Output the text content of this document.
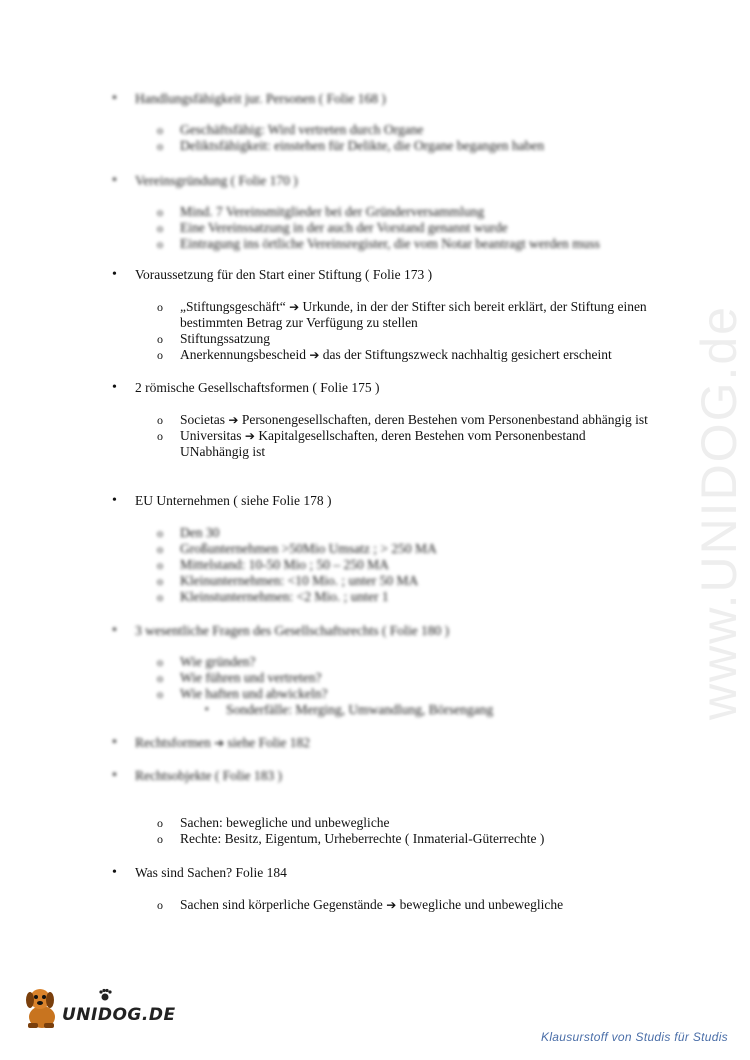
www.UNIDOG.de
• Handlungsfähigkeit jur. Personen ( Folie 168 )
o Geschäftsfähig: Wird vertreten durch Organe
o Deliktsfähigkeit: einstehen für Delikte, die Organe begangen haben
• Vereinsgründung ( Folie 170 )
o Mind. 7 Vereinsmitglieder bei der Gründerversammlung
o Eine Vereinssatzung in der auch der Vorstand genannt wurde
o Eintragung ins örtliche Vereinsregister, die vom Notar beantragt werden muss
• Voraussetzung für den Start einer Stiftung ( Folie 173 )
o „Stiftungsgeschäft“ ➔ Urkunde, in der der Stifter sich bereit erklärt, der Stiftung einen bestimmten Betrag zur Verfügung zu stellen
o Stiftungssatzung
o Anerkennungsbescheid ➔ das der Stiftungszweck nachhaltig gesichert erscheint
• 2 römische Gesellschaftsformen ( Folie 175 )
o Societas ➔ Personengesellschaften, deren Bestehen vom Personenbestand abhängig ist
o Universitas ➔ Kapitalgesellschaften, deren Bestehen vom Personenbestand UNabhängig ist
• EU Unternehmen ( siehe Folie 178 )
o Den 30
o Großunternehmen >50Mio Umsatz ; > 250 MA
o Mittelstand: 10-50 Mio ; 50 – 250 MA
o Kleinunternehmen: <10 Mio. ; unter 50 MA
o Kleinstunternehmen: <2 Mio. ; unter 1
• 3 wesentliche Fragen des Gesellschaftsrechts ( Folie 180 )
o Wie gründen?
o Wie führen und vertreten?
o Wie haften und abwickeln?
▪ Sonderfälle: Merging, Umwandlung, Börsengang
• Rechtsformen ➔ siehe Folie 182
• Rechtsobjekte ( Folie 183 )
o Sachen: bewegliche und unbewegliche
o Rechte: Besitz, Eigentum, Urheberrechte ( Inmaterial-Güterrechte )
• Was sind Sachen? Folie 184
o Sachen sind körperliche Gegenstände ➔ bewegliche und unbewegliche
UNIDOG.DE
Klausurstoff von Studis für Studis
